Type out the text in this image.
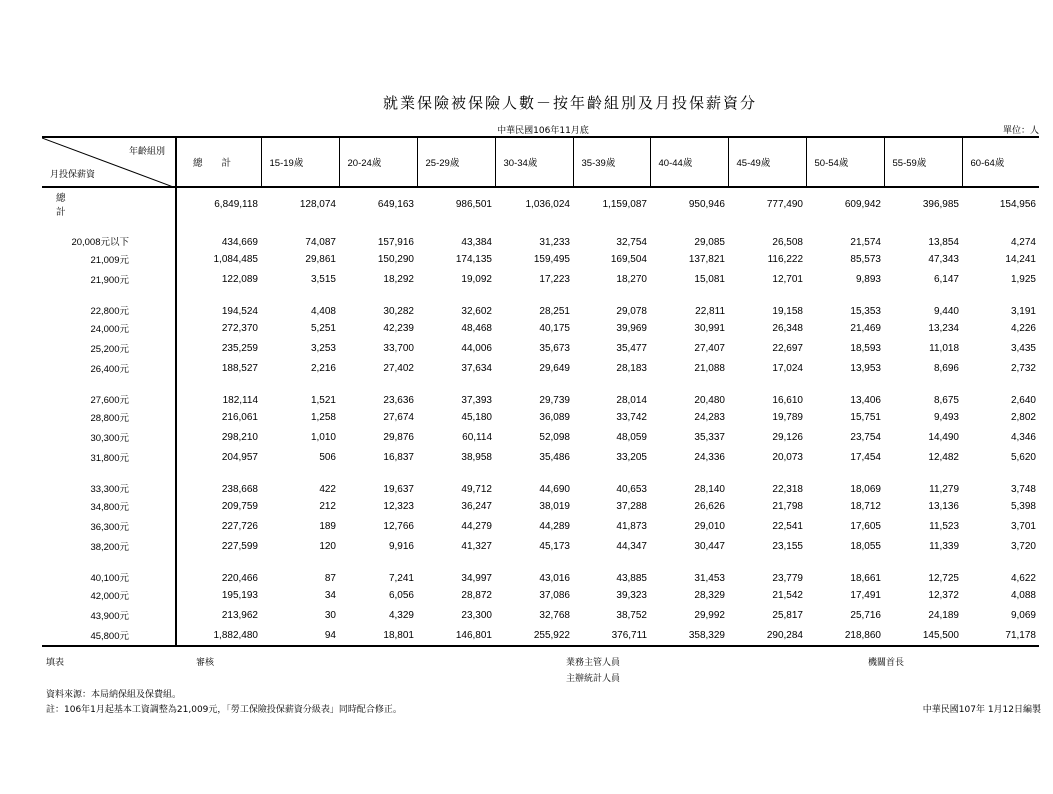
就業保險被保險人數－按年齡組別及月投保薪資分
中華民國106年11月底	單位：人
年齡組別
月投保薪資	總　　計	15-19歲	20-24歲	25-29歲	30-34歲	35-39歲	40-44歲	45-49歲	50-54歲	55-59歲	60-64歲
總計	6,849,118	128,074	649,163	986,501	1,036,024	1,159,087	950,946	777,490	609,942	396,985	154,956
20,008元以下	434,669	74,087	157,916	43,384	31,233	32,754	29,085	26,508	21,574	13,854	4,274
21,009元	1,084,485	29,861	150,290	174,135	159,495	169,504	137,821	116,222	85,573	47,343	14,241
21,900元	122,089	3,515	18,292	19,092	17,223	18,270	15,081	12,701	9,893	6,147	1,925
22,800元	194,524	4,408	30,282	32,602	28,251	29,078	22,811	19,158	15,353	9,440	3,191
24,000元	272,370	5,251	42,239	48,468	40,175	39,969	30,991	26,348	21,469	13,234	4,226
25,200元	235,259	3,253	33,700	44,006	35,673	35,477	27,407	22,697	18,593	11,018	3,435
26,400元	188,527	2,216	27,402	37,634	29,649	28,183	21,088	17,024	13,953	8,696	2,732
27,600元	182,114	1,521	23,636	37,393	29,739	28,014	20,480	16,610	13,406	8,675	2,640
28,800元	216,061	1,258	27,674	45,180	36,089	33,742	24,283	19,789	15,751	9,493	2,802
30,300元	298,210	1,010	29,876	60,114	52,098	48,059	35,337	29,126	23,754	14,490	4,346
31,800元	204,957	506	16,837	38,958	35,486	33,205	24,336	20,073	17,454	12,482	5,620
33,300元	238,668	422	19,637	49,712	44,690	40,653	28,140	22,318	18,069	11,279	3,748
34,800元	209,759	212	12,323	36,247	38,019	37,288	26,626	21,798	18,712	13,136	5,398
36,300元	227,726	189	12,766	44,279	44,289	41,873	29,010	22,541	17,605	11,523	3,701
38,200元	227,599	120	9,916	41,327	45,173	44,347	30,447	23,155	18,055	11,339	3,720
40,100元	220,466	87	7,241	34,997	43,016	43,885	31,453	23,779	18,661	12,725	4,622
42,000元	195,193	34	6,056	28,872	37,086	39,323	28,329	21,542	17,491	12,372	4,088
43,900元	213,962	30	4,329	23,300	32,768	38,752	29,992	25,817	25,716	24,189	9,069
45,800元	1,882,480	94	18,801	146,801	255,922	376,711	358,329	290,284	218,860	145,500	71,178
填表	審核	業務主管人員	機關首長
主辦統計人員
資料來源：本局納保組及保費組。
註：106年1月起基本工資調整為21,009元，「勞工保險投保薪資分級表」同時配合修正。	中華民國107年 1月12日編製
